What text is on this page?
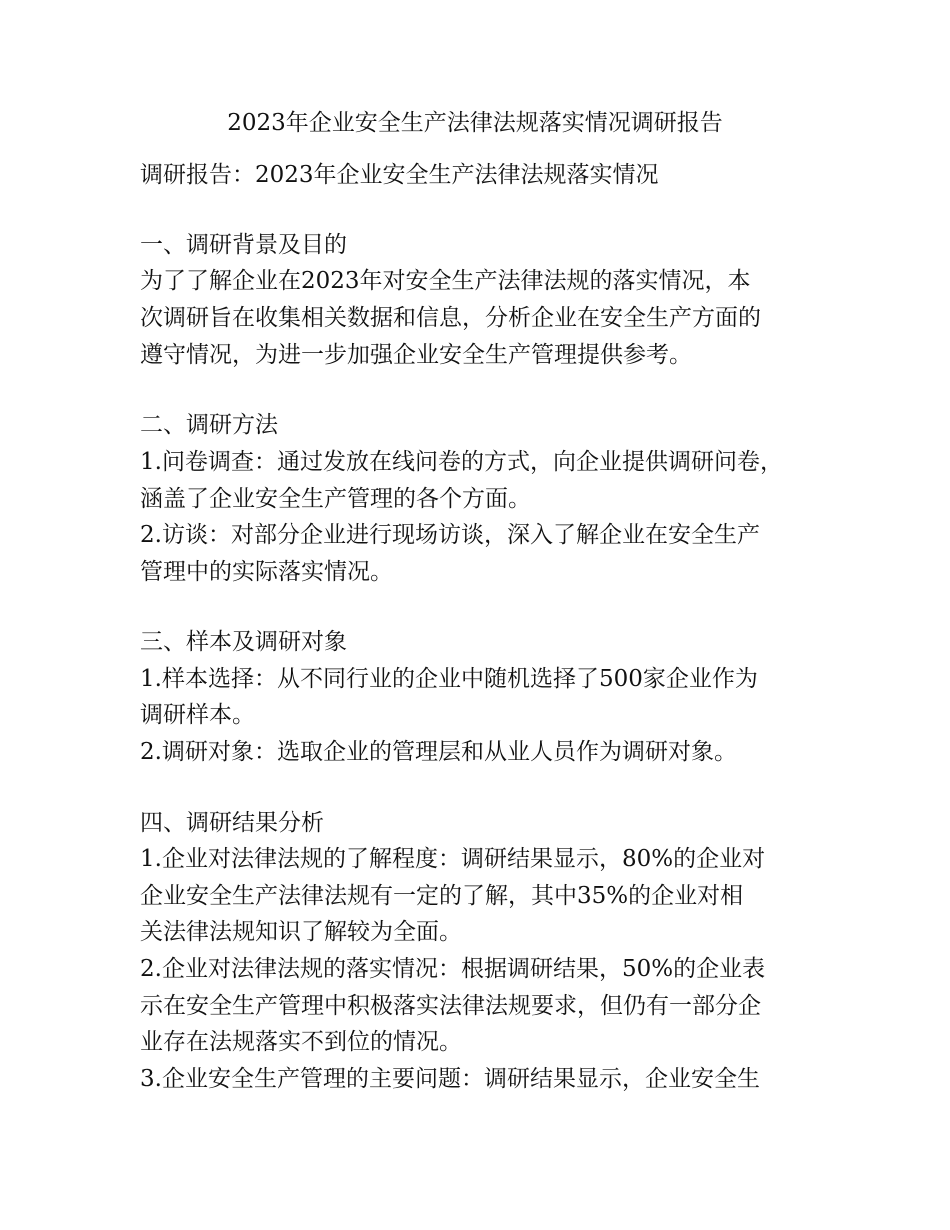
2023年企业安全生产法律法规落实情况调研报告
调研报告：2023年企业安全生产法律法规落实情况
一、调研背景及目的
为了了解企业在2023年对安全生产法律法规的落实情况，本
次调研旨在收集相关数据和信息，分析企业在安全生产方面的
遵守情况，为进一步加强企业安全生产管理提供参考。
二、调研方法
1.问卷调查：通过发放在线问卷的方式，向企业提供调研问卷，
涵盖了企业安全生产管理的各个方面。
2.访谈：对部分企业进行现场访谈，深入了解企业在安全生产
管理中的实际落实情况。
三、样本及调研对象
1.样本选择：从不同行业的企业中随机选择了500家企业作为
调研样本。
2.调研对象：选取企业的管理层和从业人员作为调研对象。
四、调研结果分析
1.企业对法律法规的了解程度：调研结果显示，80%的企业对
企业安全生产法律法规有一定的了解，其中35%的企业对相
关法律法规知识了解较为全面。
2.企业对法律法规的落实情况：根据调研结果，50%的企业表
示在安全生产管理中积极落实法律法规要求，但仍有一部分企
业存在法规落实不到位的情况。
3.企业安全生产管理的主要问题：调研结果显示，企业安全生
